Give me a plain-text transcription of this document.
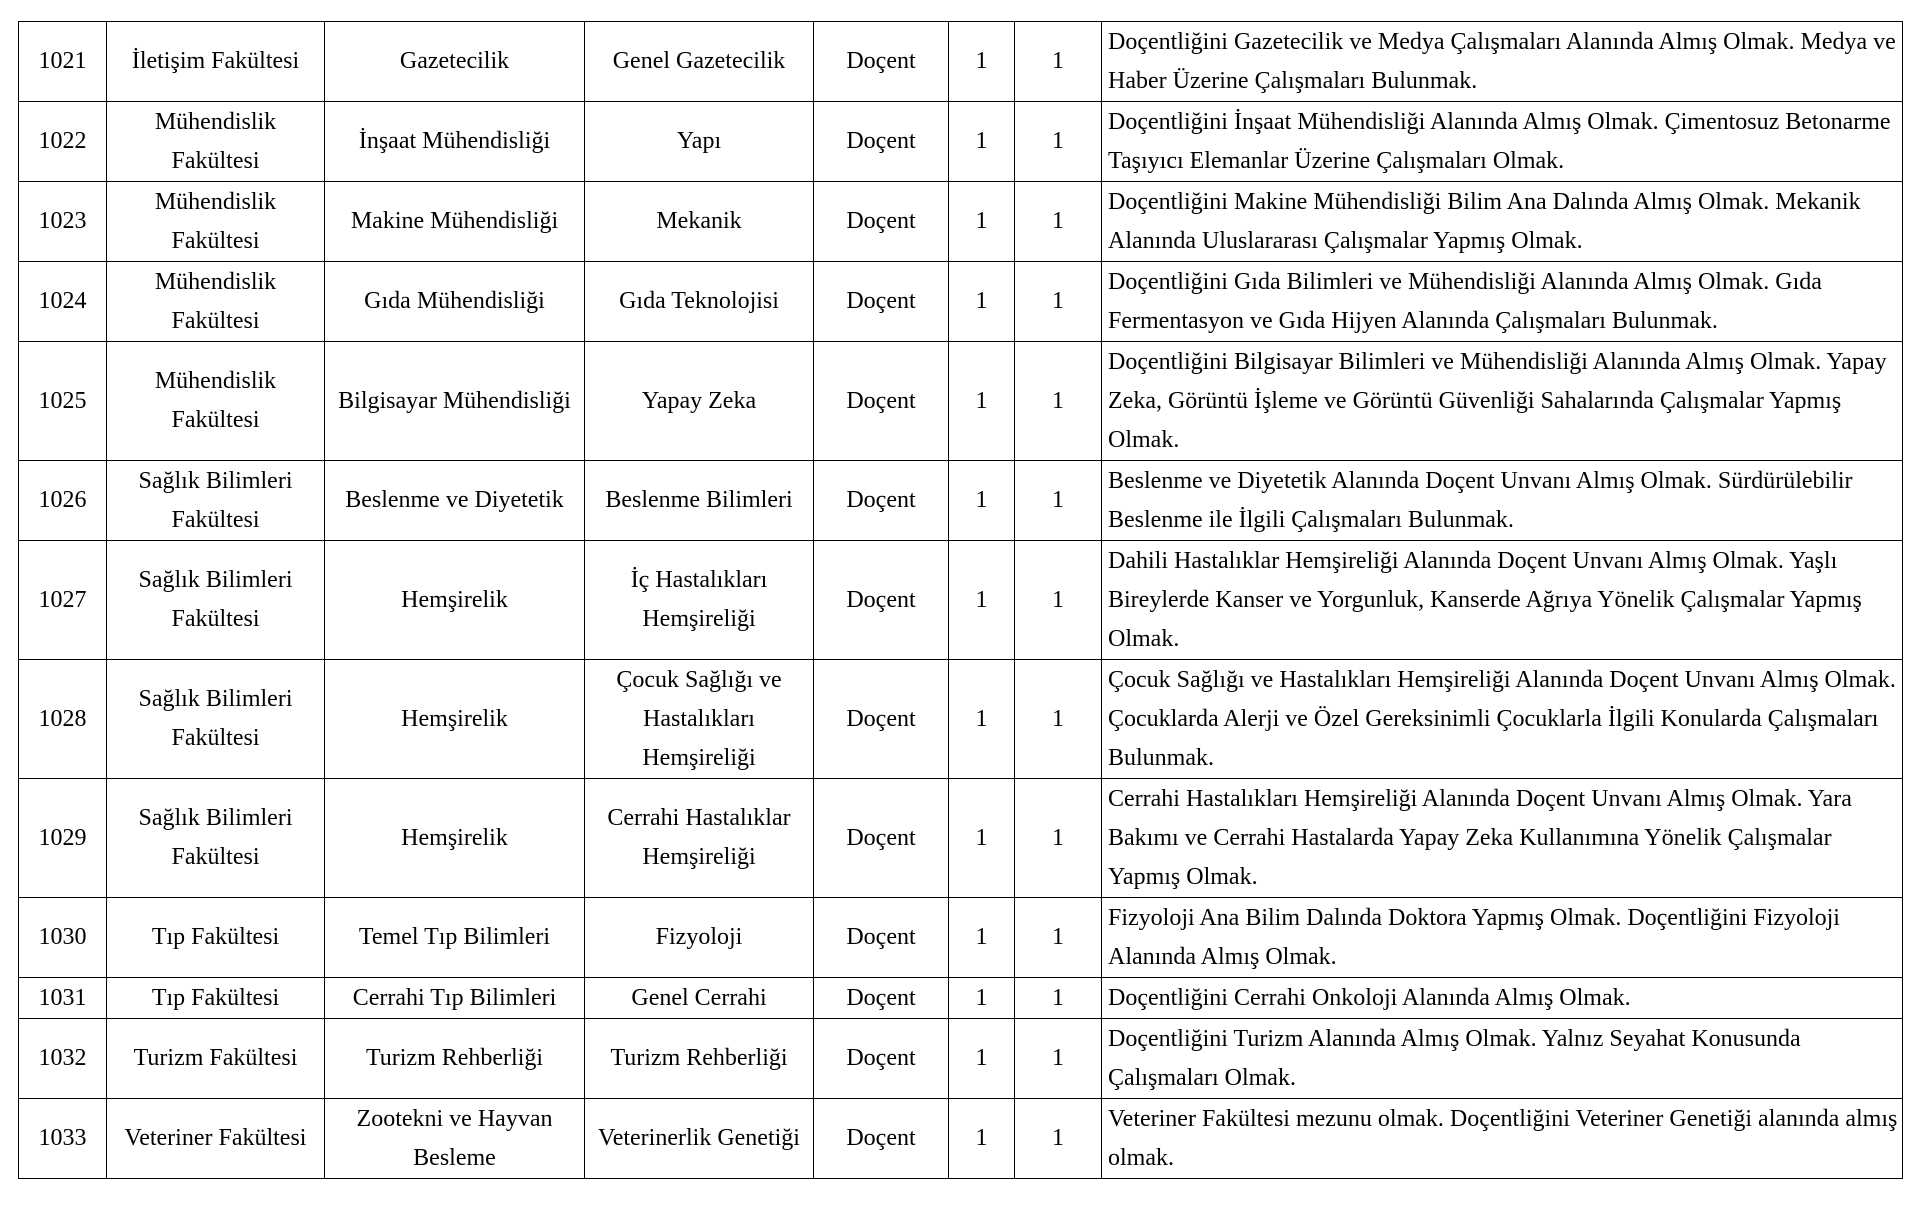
1021	İletişim Fakültesi	Gazetecilik	Genel Gazetecilik	Doçent	1	1	Doçentliğini Gazetecilik ve Medya Çalışmaları Alanında Almış Olmak. Medya ve Haber Üzerine Çalışmaları Bulunmak.
1022	Mühendislik Fakültesi	İnşaat Mühendisliği	Yapı	Doçent	1	1	Doçentliğini İnşaat Mühendisliği Alanında Almış Olmak. Çimentosuz Betonarme Taşıyıcı Elemanlar Üzerine Çalışmaları Olmak.
1023	Mühendislik Fakültesi	Makine Mühendisliği	Mekanik	Doçent	1	1	Doçentliğini Makine Mühendisliği Bilim Ana Dalında Almış Olmak. Mekanik Alanında Uluslararası Çalışmalar Yapmış Olmak.
1024	Mühendislik Fakültesi	Gıda Mühendisliği	Gıda Teknolojisi	Doçent	1	1	Doçentliğini Gıda Bilimleri ve Mühendisliği Alanında Almış Olmak. Gıda Fermentasyon ve Gıda Hijyen Alanında Çalışmaları Bulunmak.
1025	Mühendislik Fakültesi	Bilgisayar Mühendisliği	Yapay Zeka	Doçent	1	1	Doçentliğini Bilgisayar Bilimleri ve Mühendisliği Alanında Almış Olmak. Yapay Zeka, Görüntü İşleme ve Görüntü Güvenliği Sahalarında Çalışmalar Yapmış Olmak.
1026	Sağlık Bilimleri Fakültesi	Beslenme ve Diyetetik	Beslenme Bilimleri	Doçent	1	1	Beslenme ve Diyetetik Alanında Doçent Unvanı Almış Olmak. Sürdürülebilir Beslenme ile İlgili Çalışmaları Bulunmak.
1027	Sağlık Bilimleri Fakültesi	Hemşirelik	İç Hastalıkları Hemşireliği	Doçent	1	1	Dahili Hastalıklar Hemşireliği Alanında Doçent Unvanı Almış Olmak. Yaşlı Bireylerde Kanser ve Yorgunluk, Kanserde Ağrıya Yönelik Çalışmalar Yapmış Olmak.
1028	Sağlık Bilimleri Fakültesi	Hemşirelik	Çocuk Sağlığı ve Hastalıkları Hemşireliği	Doçent	1	1	Çocuk Sağlığı ve Hastalıkları Hemşireliği Alanında Doçent Unvanı Almış Olmak. Çocuklarda Alerji ve Özel Gereksinimli Çocuklarla İlgili Konularda Çalışmaları Bulunmak.
1029	Sağlık Bilimleri Fakültesi	Hemşirelik	Cerrahi Hastalıklar Hemşireliği	Doçent	1	1	Cerrahi Hastalıkları Hemşireliği Alanında Doçent Unvanı Almış Olmak. Yara Bakımı ve Cerrahi Hastalarda Yapay Zeka Kullanımına Yönelik Çalışmalar Yapmış Olmak.
1030	Tıp Fakültesi	Temel Tıp Bilimleri	Fizyoloji	Doçent	1	1	Fizyoloji Ana Bilim Dalında Doktora Yapmış Olmak. Doçentliğini Fizyoloji Alanında Almış Olmak.
1031	Tıp Fakültesi	Cerrahi Tıp Bilimleri	Genel Cerrahi	Doçent	1	1	Doçentliğini Cerrahi Onkoloji Alanında Almış Olmak.
1032	Turizm Fakültesi	Turizm Rehberliği	Turizm Rehberliği	Doçent	1	1	Doçentliğini Turizm Alanında Almış Olmak. Yalnız Seyahat Konusunda Çalışmaları Olmak.
1033	Veteriner Fakültesi	Zootekni ve Hayvan Besleme	Veterinerlik Genetiği	Doçent	1	1	Veteriner Fakültesi mezunu olmak. Doçentliğini Veteriner Genetiği alanında almış olmak.
